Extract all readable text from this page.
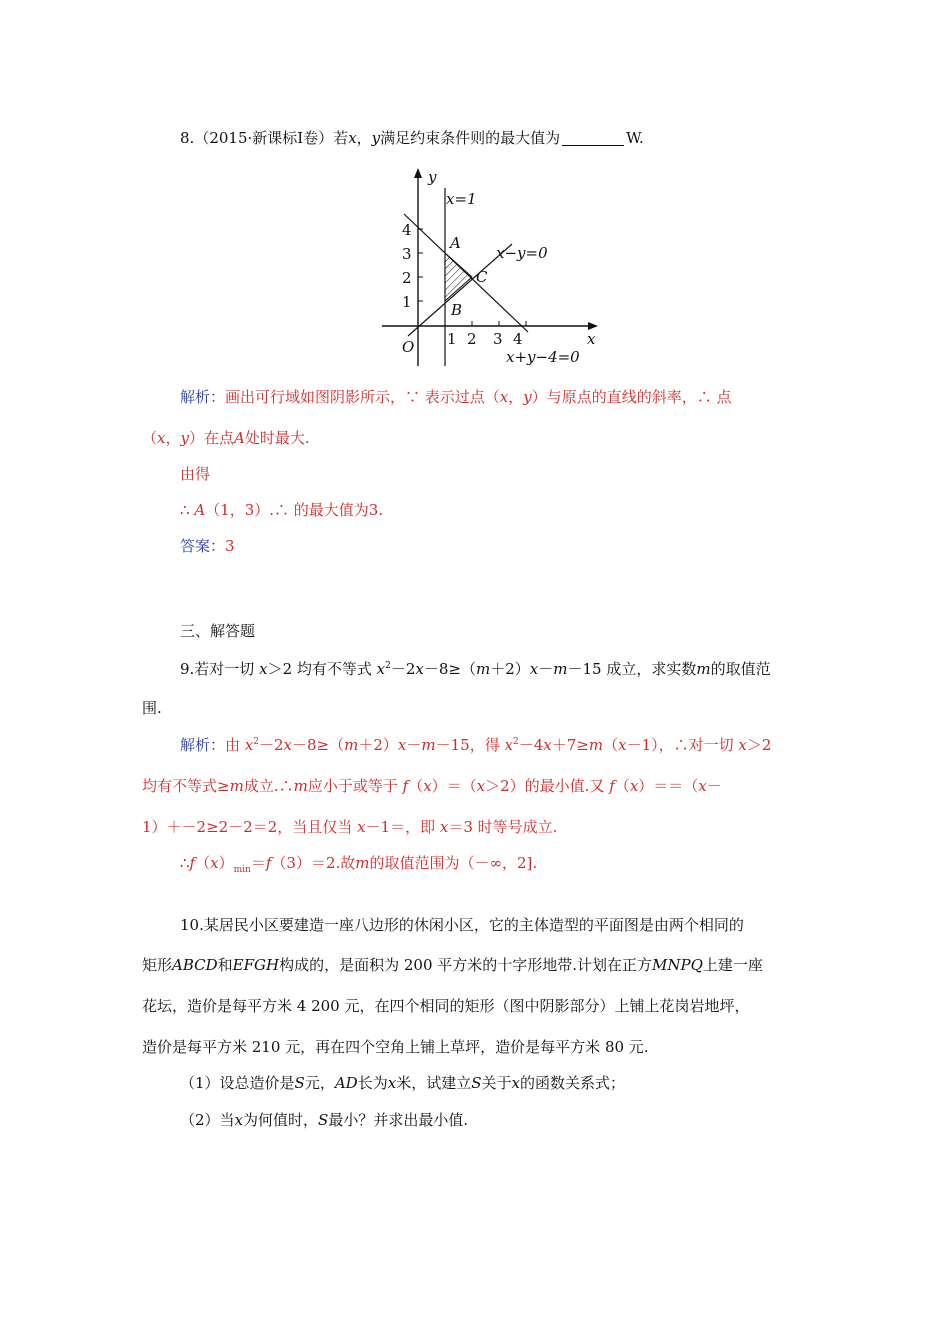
8.（2015·新课标Ⅰ卷）若x，y满足约束条件则的最大值为	W.
y
x
O
4
3
2
1
1 2 3 4
x=1
x−y=0
x+y−4=0
A
B
C
解析：画出可行域如图阴影所示，∵ 表示过点（x，y）与原点的直线的斜率，∴ 点
（x，y）在点A处时最大.
由得
∴ A（1，3）.∴ 的最大值为3.
答案：3
三、解答题
9.若对一切 x＞2 均有不等式 $x^2-2x-8\ge(m+2)x-m-15$ 成立，求实数m的取值范
围.
解析：由 $x^2-2x-8\ge(m+2)x-m-15$，得 $x^2-4x+7\ge m(x-1)$，∴对一切 x＞2
均有不等式≥m成立.∴m应小于或等于 f（x）＝（x＞2）的最小值.又 f（x）＝＝（x－
1）＋－2≥2－2＝2，当且仅当 x－1＝，即 x＝3 时等号成立.
$\therefore f(x)_{min}=f(3)=2$.故m的取值范围为（－∞，2].
10.某居民小区要建造一座八边形的休闲小区，它的主体造型的平面图是由两个相同的
矩形ABCD和EFGH构成的，是面积为 200 平方米的十字形地带.计划在正方MNPQ上建一座
花坛，造价是每平方米 4 200 元，在四个相同的矩形（图中阴影部分）上铺上花岗岩地坪，
造价是每平方米 210 元，再在四个空角上铺上草坪，造价是每平方米 80 元.
（1）设总造价是S元，AD长为x米，试建立S关于x的函数关系式；
（2）当x为何值时，S最小？并求出最小值.
